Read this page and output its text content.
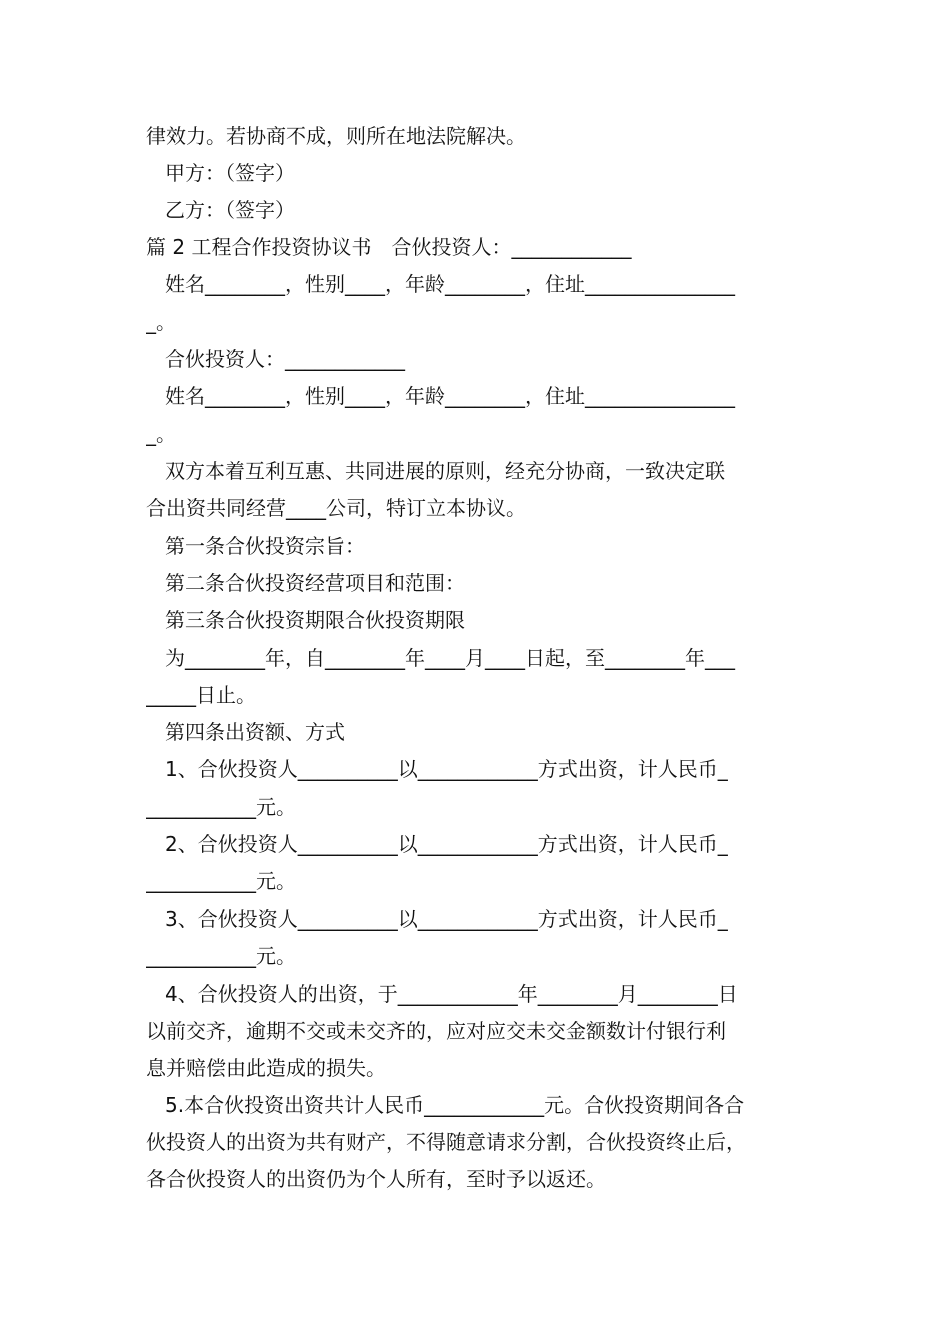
律效力。若协商不成，则所在地法院解决。
甲方：（签字）
乙方：（签字）
篇 2 工程合作投资协议书　合伙投资人：____________
姓名________，性别____，年龄________，住址_______________
_。
合伙投资人：____________
姓名________，性别____，年龄________，住址_______________
_。
双方本着互利互惠、共同进展的原则，经充分协商，一致决定联
合出资共同经营____公司，特订立本协议。
第一条合伙投资宗旨：
第二条合伙投资经营项目和范围：
第三条合伙投资期限合伙投资期限
为________年，自________年____月____日起，至________年___
_____日止。
第四条出资额、方式
1、合伙投资人__________以____________方式出资，计人民币_
___________元。
2、合伙投资人__________以____________方式出资，计人民币_
___________元。
3、合伙投资人__________以____________方式出资，计人民币_
___________元。
4、合伙投资人的出资，于____________年________月________日
以前交齐，逾期不交或未交齐的，应对应交未交金额数计付银行利
息并赔偿由此造成的损失。
5.本合伙投资出资共计人民币____________元。合伙投资期间各合
伙投资人的出资为共有财产，不得随意请求分割，合伙投资终止后，
各合伙投资人的出资仍为个人所有，至时予以返还。
